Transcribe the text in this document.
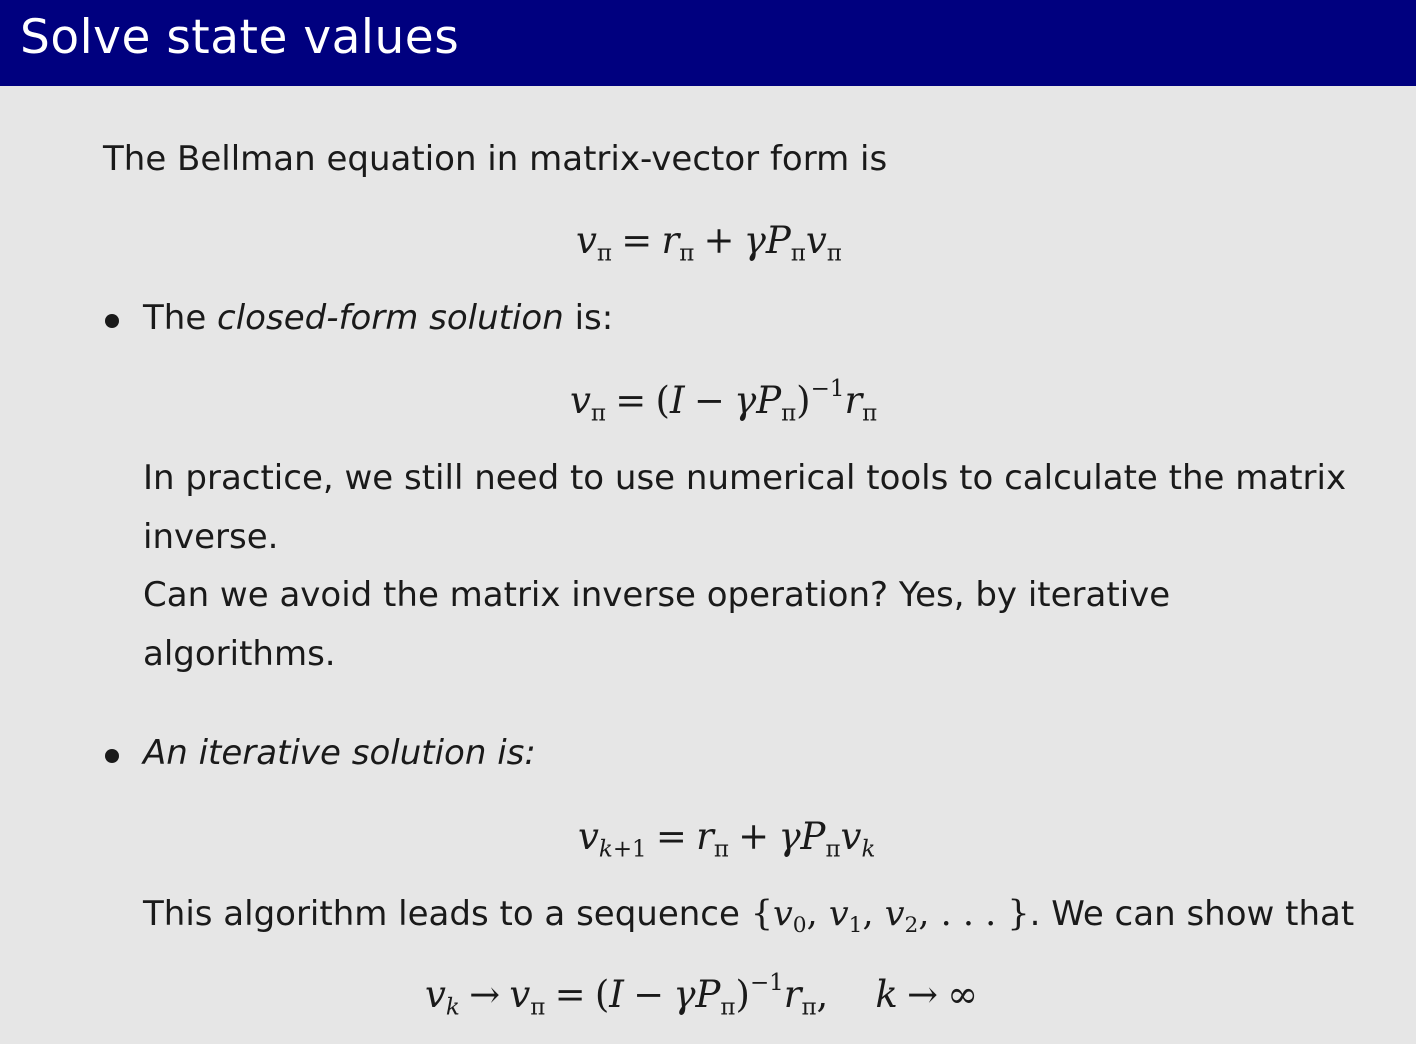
Solve state values
The Bellman equation in matrix-vector form is
$v_\pi = r_\pi + \gamma P_\pi v_\pi$
The closed-form solution is:
$v_\pi = (I - \gamma P_\pi)^{-1}r_\pi$
In practice, we still need to use numerical tools to calculate the matrix
inverse.
Can we avoid the matrix inverse operation? Yes, by iterative
algorithms.
An iterative solution is:
$v_{k+1} = r_\pi + \gamma P_\pi v_k$
This algorithm leads to a sequence {$v_0$, $v_1$, $v_2$, . . . }. We can show that
$v_k \to v_\pi = (I - \gamma P_\pi)^{-1}r_\pi$,    k → ∞
